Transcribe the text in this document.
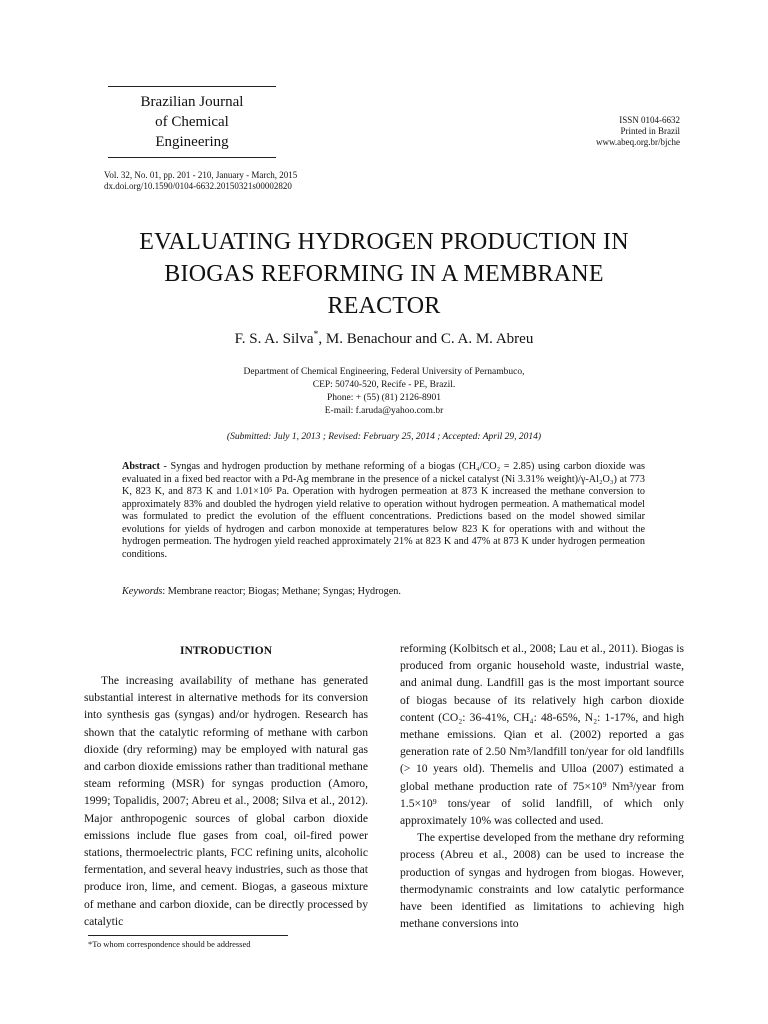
Brazilian Journal
of Chemical
Engineering
ISSN 0104-6632
Printed in Brazil
www.abeq.org.br/bjche
Vol. 32, No. 01, pp. 201 - 210, January - March, 2015
dx.doi.org/10.1590/0104-6632.20150321s00002820
EVALUATING HYDROGEN PRODUCTION IN
BIOGAS REFORMING IN A MEMBRANE
REACTOR
F. S. A. Silva*, M. Benachour and C. A. M. Abreu
Department of Chemical Engineering, Federal University of Pernambuco,
CEP: 50740-520, Recife - PE, Brazil.
Phone: + (55) (81) 2126-8901
E-mail: f.aruda@yahoo.com.br
(Submitted: July 1, 2013 ; Revised: February 25, 2014 ; Accepted: April 29, 2014)
Abstract - Syngas and hydrogen production by methane reforming of a biogas (CH₄/CO₂ = 2.85) using carbon dioxide was evaluated in a fixed bed reactor with a Pd-Ag membrane in the presence of a nickel catalyst (Ni 3.31% weight)/γ-Al₂O₃) at 773 K, 823 K, and 873 K and 1.01×10⁵ Pa. Operation with hydrogen permeation at 873 K increased the methane conversion to approximately 83% and doubled the hydrogen yield relative to operation without hydrogen permeation. A mathematical model was formulated to predict the evolution of the effluent concentrations. Predictions based on the model showed similar evolutions for yields of hydrogen and carbon monoxide at temperatures below 823 K for operations with and without the hydrogen permeation. The hydrogen yield reached approximately 21% at 823 K and 47% at 873 K under hydrogen permeation conditions.
Keywords: Membrane reactor; Biogas; Methane; Syngas; Hydrogen.
INTRODUCTION

The increasing availability of methane has generated substantial interest in alternative methods for its conversion into synthesis gas (syngas) and/or hydrogen. Research has shown that the catalytic reforming of methane with carbon dioxide (dry reforming) may be employed with natural gas and carbon dioxide emissions rather than traditional methane steam reforming (MSR) for syngas production (Amoro, 1999; Topalidis, 2007; Abreu et al., 2008; Silva et al., 2012). Major anthropogenic sources of global carbon dioxide emissions include flue gases from coal, oil-fired power stations, thermoelectric plants, FCC refining units, alcoholic fermentation, and several heavy industries, such as those that produce iron, lime, and cement. Biogas, a gaseous mixture of methane and carbon dioxide, can be directly processed by catalytic

reforming (Kolbitsch et al., 2008; Lau et al., 2011). Biogas is produced from organic household waste, industrial waste, and animal dung. Landfill gas is the most important source of biogas because of its relatively high carbon dioxide content (CO₂: 36-41%, CH₄: 48-65%, N₂: 1-17%, and high methane emissions. Qian et al. (2002) reported a gas generation rate of 2.50 Nm³/landfill ton/year for old landfills (> 10 years old). Themelis and Ulloa (2007) estimated a global methane production rate of 75×10⁹ Nm³/year from 1.5×10⁹ tons/year of solid landfill, of which only approximately 10% was collected and used.

The expertise developed from the methane dry reforming process (Abreu et al., 2008) can be used to increase the production of syngas and hydrogen from biogas. However, thermodynamic constraints and low catalytic performance have been identified as limitations to achieving high methane conversions into

*To whom correspondence should be addressed
